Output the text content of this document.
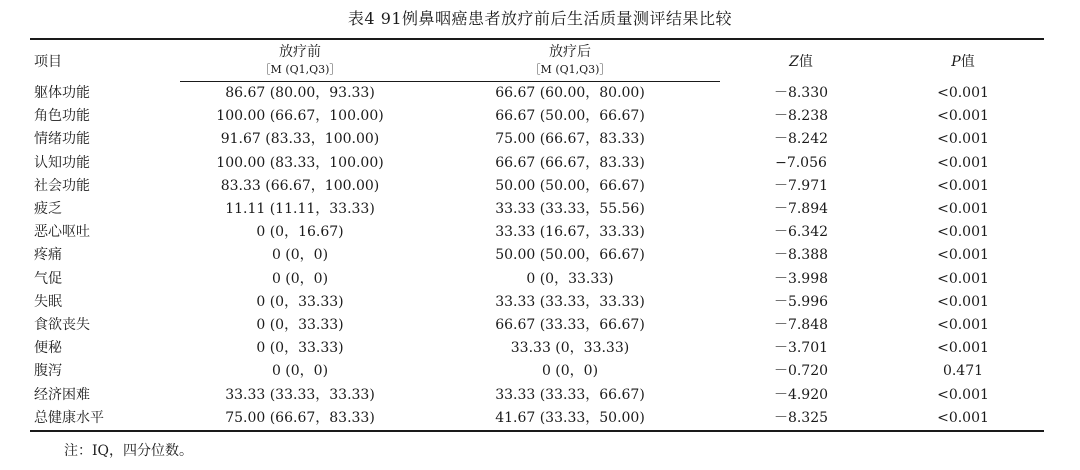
表4 91例鼻咽癌患者放疗前后生活质量测评结果比较
项目	放疗前	放疗后	Z值	P值
	［M (Q1,Q3)］	［M (Q1,Q3)］		
躯体功能	86.67 (80.00，93.33)	66.67 (60.00，80.00)	－8.330	<0.001
角色功能	100.00 (66.67，100.00)	66.67 (50.00，66.67)	－8.238	<0.001
情绪功能	91.67 (83.33，100.00)	75.00 (66.67，83.33)	－8.242	<0.001
认知功能	100.00 (83.33，100.00)	66.67 (66.67，83.33)	−7.056	<0.001
社会功能	83.33 (66.67，100.00)	50.00 (50.00，66.67)	－7.971	<0.001
疲乏	11.11 (11.11，33.33)	33.33 (33.33，55.56)	－7.894	<0.001
恶心呕吐	0 (0，16.67)	33.33 (16.67，33.33)	－6.342	<0.001
疼痛	0 (0，0)	50.00 (50.00，66.67)	－8.388	<0.001
气促	0 (0，0)	0 (0，33.33)	－3.998	<0.001
失眠	0 (0，33.33)	33.33 (33.33，33.33)	－5.996	<0.001
食欲丧失	0 (0，33.33)	66.67 (33.33，66.67)	－7.848	<0.001
便秘	0 (0，33.33)	33.33 (0，33.33)	－3.701	<0.001
腹泻	0 (0，0)	0 (0，0)	－0.720	0.471
经济困难	33.33 (33.33，33.33)	33.33 (33.33，66.67)	－4.920	<0.001
总健康水平	75.00 (66.67，83.33)	41.67 (33.33，50.00)	－8.325	<0.001
注：IQ，四分位数。
